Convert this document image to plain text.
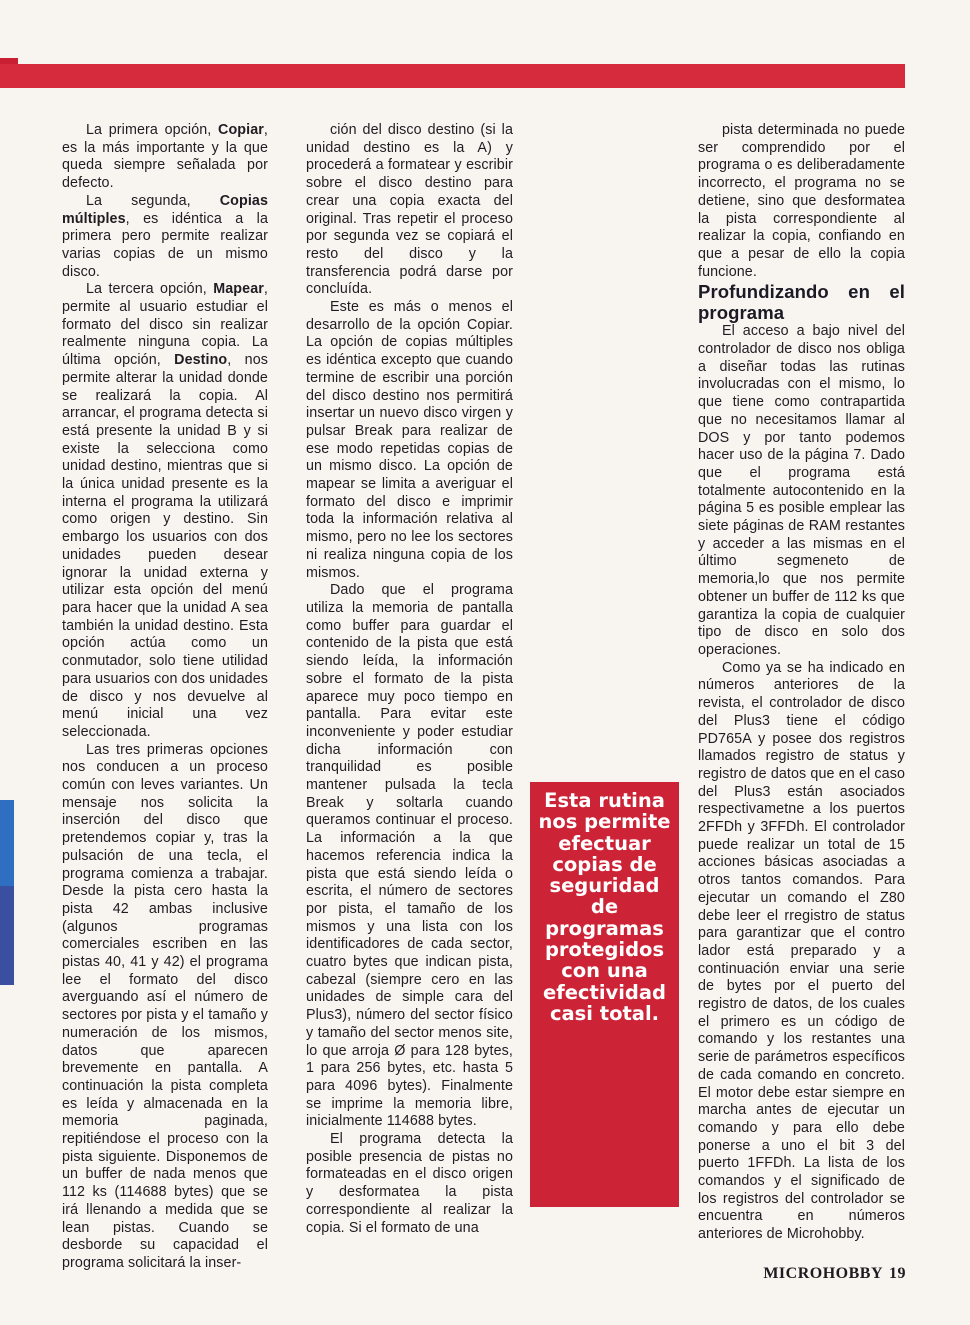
La primera opción, Copiar, es la más importante y la que queda siempre señalada por defecto.

La segunda, Copias múltiples, es idéntica a la primera pero permite realizar varias copias de un mismo disco.

La tercera opción, Mapear, permite al usuario estudiar el formato del disco sin realizar realmente ninguna copia. La última opción, Destino, nos permite alterar la unidad donde se realizará la copia. Al arrancar, el programa detecta si está presente la unidad B y si existe la selecciona como unidad destino, mientras que si la única unidad presente es la interna el programa la utilizará como origen y destino. Sin embargo los usuarios con dos unidades pueden desear ignorar la unidad externa y utilizar esta opción del menú para hacer que la unidad A sea también la unidad destino. Esta opción actúa como un conmutador, solo tiene utilidad para usuarios con dos unidades de disco y nos devuelve al menú inicial una vez seleccionada.

Las tres primeras opciones nos conducen a un proceso común con leves variantes. Un mensaje nos solicita la inserción del disco que pretendemos copiar y, tras la pulsación de una tecla, el programa comienza a trabajar. Desde la pista cero hasta la pista 42 ambas inclusive (algunos programas comerciales escriben en las pistas 40, 41 y 42) el programa lee el formato del disco averguando así el número de sectores por pista y el tamaño y numeración de los mismos, datos que aparecen brevemente en pantalla. A continuación la pista completa es leída y almacenada en la memoria paginada, repitiéndose el proceso con la pista siguiente. Disponemos de un buffer de nada menos que 112 ks (114688 bytes) que se irá llenando a medida que se lean pistas. Cuando se desborde su capacidad el programa solicitará la inser-

ción del disco destino (si la unidad destino es la A) y procederá a formatear y escribir sobre el disco destino para crear una copia exacta del original. Tras repetir el proceso por segunda vez se copiará el resto del disco y la transferencia podrá darse por concluída.

Este es más o menos el desarrollo de la opción Copiar. La opción de copias múltiples es idéntica excepto que cuando termine de escribir una porción del disco destino nos permitirá insertar un nuevo disco virgen y pulsar Break para realizar de ese modo repetidas copias de un mismo disco. La opción de mapear se limita a averiguar el formato del disco e imprimir toda la información relativa al mismo, pero no lee los sectores ni realiza ninguna copia de los mismos.

Dado que el programa utiliza la memoria de pantalla como buffer para guardar el contenido de la pista que está siendo leída, la información sobre el formato de la pista aparece muy poco tiempo en pantalla. Para evitar este inconveniente y poder estudiar dicha información con tranquilidad es posible mantener pulsada la tecla Break y soltarla cuando queramos continuar el proceso. La información a la que hacemos referencia indica la pista que está siendo leída o escrita, el número de sectores por pista, el tamaño de los mismos y una lista con los identificadores de cada sector, cuatro bytes que indican pista, cabezal (siempre cero en las unidades de simple cara del Plus3), número del sector físico y tamaño del sector menos site, lo que arroja Ø para 128 bytes, 1 para 256 bytes, etc. hasta 5 para 4096 bytes). Finalmente se imprime la memoria libre, inicialmente 114688 bytes.

El programa detecta la posible presencia de pistas no formateadas en el disco origen y desformatea la pista correspondiente al realizar la copia. Si el formato de una

pista determinada no puede ser comprendido por el programa o es deliberadamente incorrecto, el programa no se detiene, sino que desformatea la pista correspondiente al realizar la copia, confiando en que a pesar de ello la copia funcione.

Profundizando en el programa

El acceso a bajo nivel del controlador de disco nos obliga a diseñar todas las rutinas involucradas con el mismo, lo que tiene como contrapartida que no necesitamos llamar al DOS y por tanto podemos hacer uso de la página 7. Dado que el programa está totalmente autocontenido en la página 5 es posible emplear las siete páginas de RAM restantes y acceder a las mismas en el último segmeneto de memoria,lo que nos permite obtener un buffer de 112 ks que garantiza la copia de cualquier tipo de disco en solo dos operaciones.

Como ya se ha indicado en números anteriores de la revista, el controlador de disco del Plus3 tiene el código PD765A y posee dos registros llamados registro de status y registro de datos que en el caso del Plus3 están asociados respectivametne a los puertos 2FFDh y 3FFDh. El controlador puede realizar un total de 15 acciones básicas asociadas a otros tantos comandos. Para ejecutar un comando el Z80 debe leer el rregistro de status para garantizar que el contro lador está preparado y a continuación enviar una serie de bytes por el puerto del registro de datos, de los cuales el primero es un código de comando y los restantes una serie de parámetros específicos de cada comando en concreto. El motor debe estar siempre en marcha antes de ejecutar un comando y para ello debe ponerse a uno el bit 3 del puerto 1FFDh. La lista de los comandos y el significado de los registros del controlador se encuentra en números anteriores de Microhobby.

Esta rutina nos permite efectuar copias de seguridad de programas protegidos con una efectividad casi total.
MICROHOBBY 19
